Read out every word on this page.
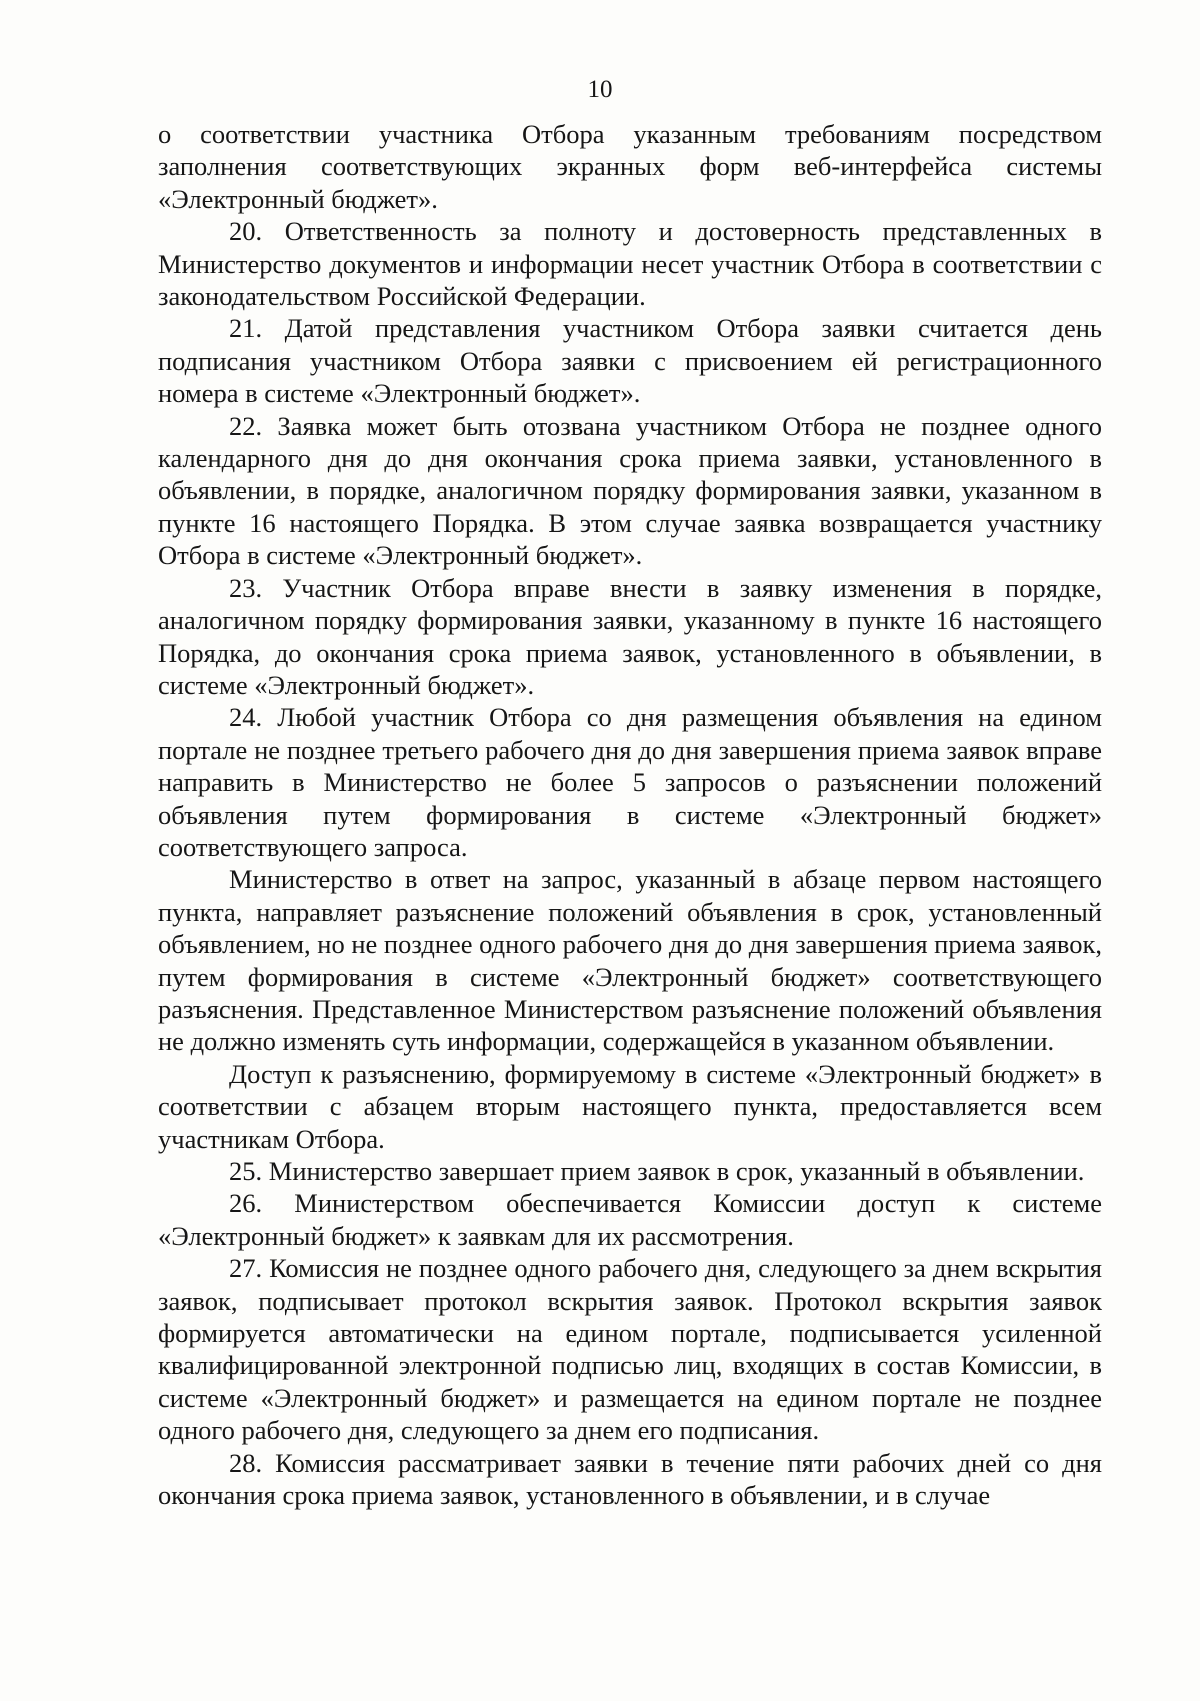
10

о соответствии участника Отбора указанным требованиям посредством заполнения соответствующих экранных форм веб-интерфейса системы «Электронный бюджет».

20. Ответственность за полноту и достоверность представленных в Министерство документов и информации несет участник Отбора в соответствии с законодательством Российской Федерации.

21. Датой представления участником Отбора заявки считается день подписания участником Отбора заявки с присвоением ей регистрационного номера в системе «Электронный бюджет».

22. Заявка может быть отозвана участником Отбора не позднее одного календарного дня до дня окончания срока приема заявки, установленного в объявлении, в порядке, аналогичном порядку формирования заявки, указанном в пункте 16 настоящего Порядка. В этом случае заявка возвращается участнику Отбора в системе «Электронный бюджет».

23. Участник Отбора вправе внести в заявку изменения в порядке, аналогичном порядку формирования заявки, указанному в пункте 16 настоящего Порядка, до окончания срока приема заявок, установленного в объявлении, в системе «Электронный бюджет».

24. Любой участник Отбора со дня размещения объявления на едином портале не позднее третьего рабочего дня до дня завершения приема заявок вправе направить в Министерство не более 5 запросов о разъяснении положений объявления путем формирования в системе «Электронный бюджет» соответствующего запроса.

Министерство в ответ на запрос, указанный в абзаце первом настоящего пункта, направляет разъяснение положений объявления в срок, установленный объявлением, но не позднее одного рабочего дня до дня завершения приема заявок, путем формирования в системе «Электронный бюджет» соответствующего разъяснения. Представленное Министерством разъяснение положений объявления не должно изменять суть информации, содержащейся в указанном объявлении.

Доступ к разъяснению, формируемому в системе «Электронный бюджет» в соответствии с абзацем вторым настоящего пункта, предоставляется всем участникам Отбора.

25. Министерство завершает прием заявок в срок, указанный в объявлении.

26. Министерством обеспечивается Комиссии доступ к системе «Электронный бюджет» к заявкам для их рассмотрения.

27. Комиссия не позднее одного рабочего дня, следующего за днем вскрытия заявок, подписывает протокол вскрытия заявок. Протокол вскрытия заявок формируется автоматически на едином портале, подписывается усиленной квалифицированной электронной подписью лиц, входящих в состав Комиссии, в системе «Электронный бюджет» и размещается на едином портале не позднее одного рабочего дня, следующего за днем его подписания.

28. Комиссия рассматривает заявки в течение пяти рабочих дней со дня окончания срока приема заявок, установленного в объявлении, и в случае
